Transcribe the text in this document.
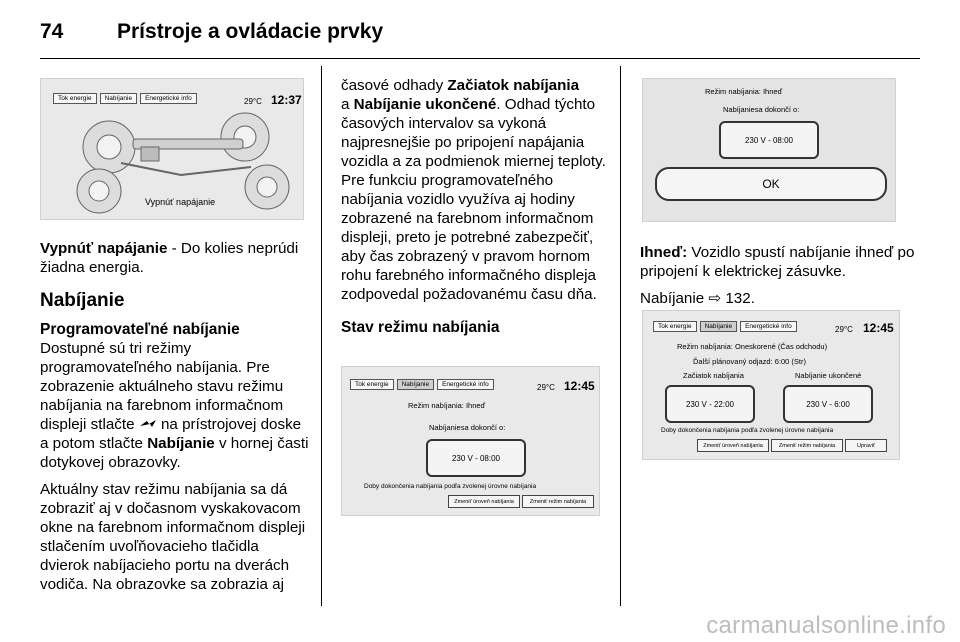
74	Prístroje a ovládacie prvky
Tok energie	Nabíjanie	Energetické info	29°C 12:37
Vypnúť napájanie

Vypnúť napájanie - Do kolies neprúdi žiadna energia.

Nabíjanie
Programovateľné nabíjanie

Dostupné sú tri režimy programovateľného nabíjania. Pre zobrazenie aktuálneho stavu režimu nabíjania na farebnom informačnom displeji stlačte  na prístrojovej doske a potom stlačte Nabíjanie v hornej časti dotykovej obrazovky.

Aktuálny stav režimu nabíjania sa dá zobraziť aj v dočasnom vyskakovacom okne na farebnom informačnom displeji stlačením uvoľňovacieho tlačidla dvierok nabíjacieho portu na dverách vodiča. Na obrazovke sa zobrazia aj

časové odhady Začiatok nabíjania
a Nabíjanie ukončené. Odhad týchto časových intervalov sa vykoná najpresnejšie po pripojení napájania vozidla a za podmienok miernej teploty. Pre funkciu programovateľného nabíjania vozidlo využíva aj hodiny zobrazené na farebnom informačnom displeji, preto je potrebné zabezpečiť, aby čas zobrazený v pravom hornom rohu farebného informačného displeja zodpovedal požadovanému času dňa.

Stav režimu nabíjania
Tok energie	Nabíjanie	Energetické info	29°C 12:45
Režim nabíjania: Ihneď
Nabíjaniesa dokončí o:
230 V - 08:00
Doby dokončenia nabíjania podľa zvolenej úrovne nabíjania
Zmeniť úroveň nabíjania	Zmeniť režim nabíjania
Režim nabíjania: Ihneď
Nabíjaniesa dokončí o:
230 V - 08:00
OK

Ihneď: Vozidlo spustí nabíjanie ihneď po pripojení k elektrickej zásuvke.

Nabíjanie ⇨ 132.

Tok energie	Nabíjanie	Energetické info	29°C 12:45
Režim nabíjania: Oneskorené (Čas odchodu)
Ďalší plánovaný odjazd: 6:00 (Str)
Začiatok nabíjania	Nabíjanie ukončené
230 V - 22:00	230 V - 6:00
Doby dokončenia nabíjania podľa zvolenej úrovne nabíjania
Zmeniť úroveň nabíjania	Zmeniť režim nabíjania	Upraviť
carmanualsonline.info
